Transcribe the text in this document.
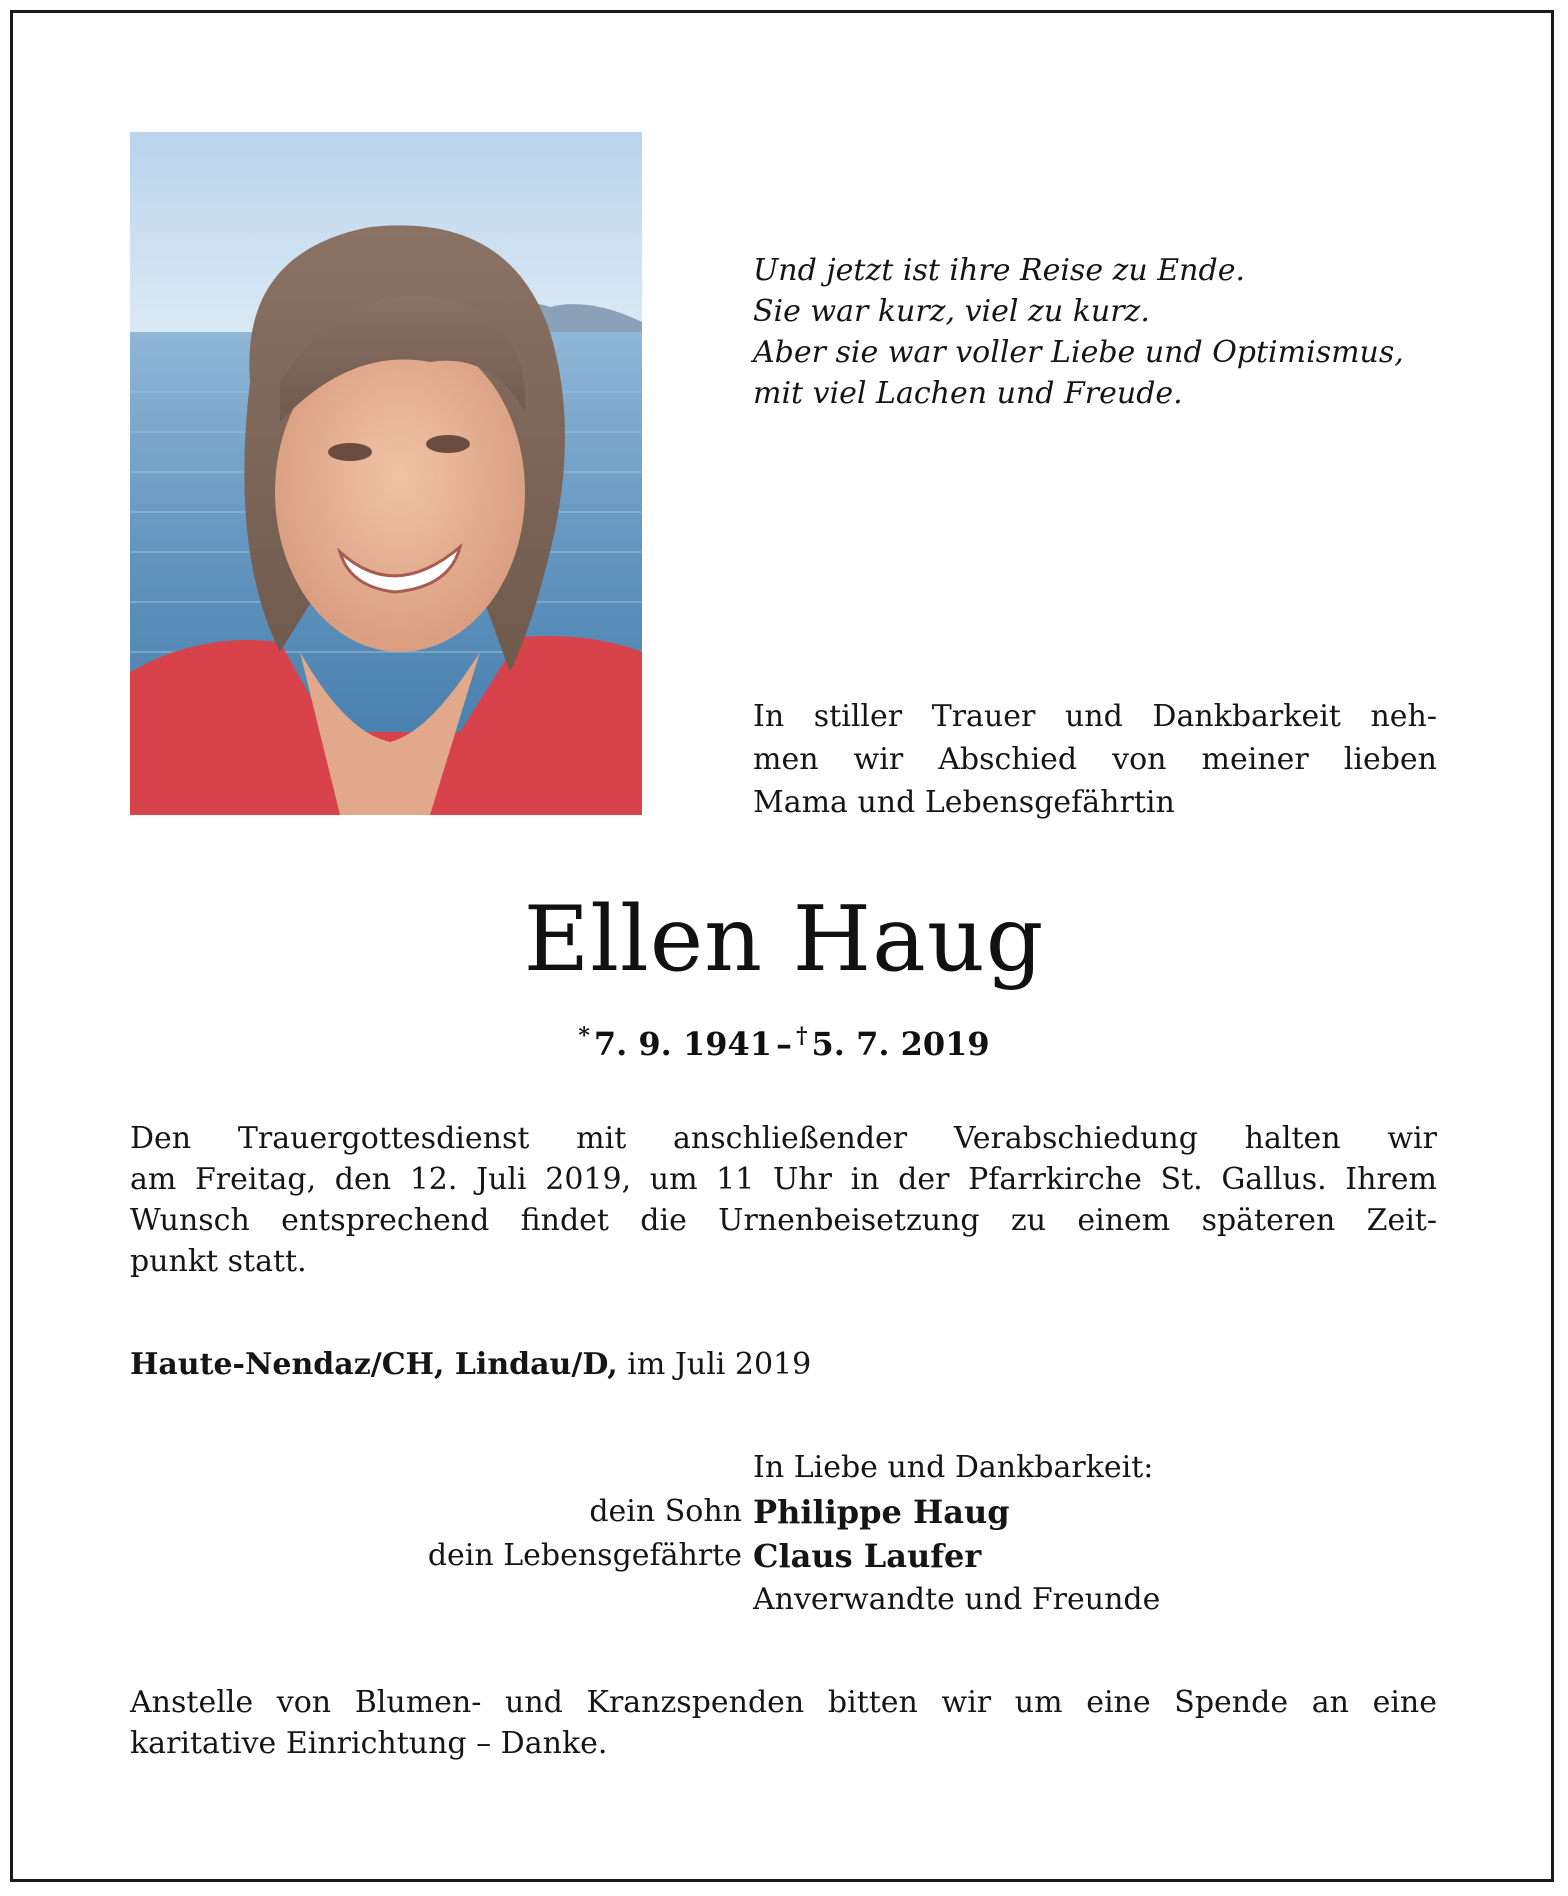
Und jetzt ist ihre Reise zu Ende.
Sie war kurz, viel zu kurz.
Aber sie war voller Liebe und Optimismus,
mit viel Lachen und Freude.
In stiller Trauer und Dankbarkeit neh-
men wir Abschied von meiner lieben
Mama und Lebensgefährtin
Ellen Haug
* 7. 9. 1941 – † 5. 7. 2019
Den Trauergottesdienst mit anschließender Verabschiedung halten wir
am Freitag, den 12. Juli 2019, um 11 Uhr in der Pfarrkirche St. Gallus. Ihrem
Wunsch entsprechend findet die Urnenbeisetzung zu einem späteren Zeit-
punkt statt.
Haute-Nendaz/CH, Lindau/D, im Juli 2019
In Liebe und Dankbarkeit:
dein Sohn Philippe Haug
dein Lebensgefährte Claus Laufer
Anverwandte und Freunde
Anstelle von Blumen- und Kranzspenden bitten wir um eine Spende an eine
karitative Einrichtung – Danke.
